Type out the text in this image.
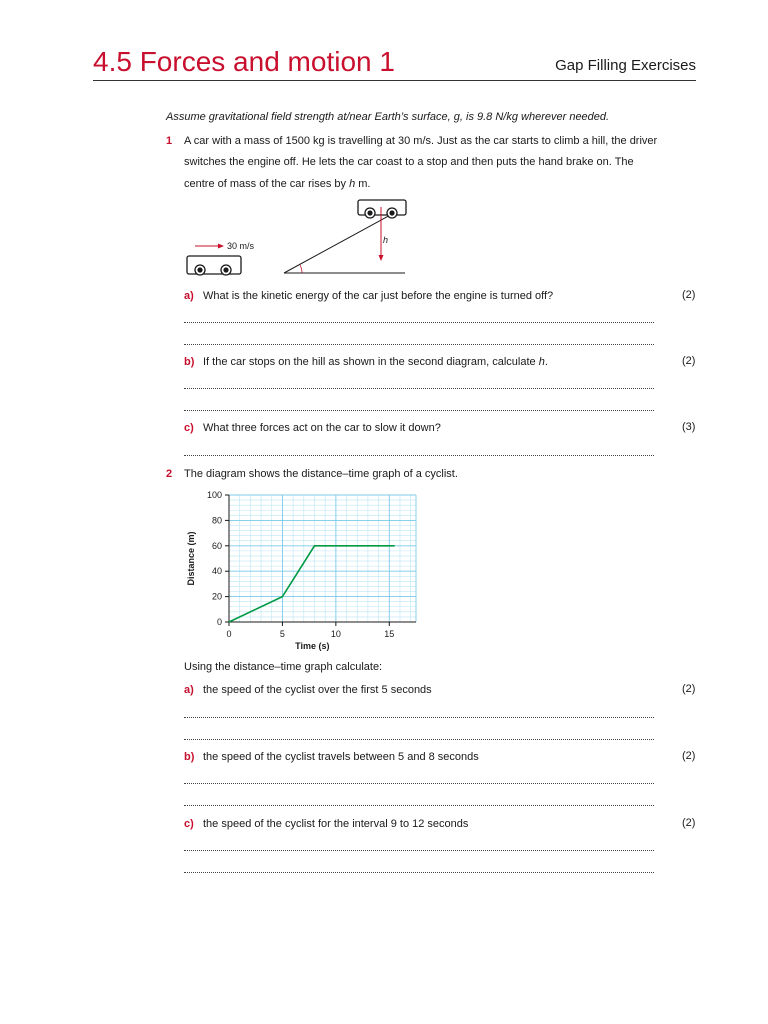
4.5 Forces and motion 1	Gap Filling Exercises
Assume gravitational field strength at/near Earth’s surface, g, is 9.8 N/kg wherever needed.
1 A car with a mass of 1500 kg is travelling at 30 m/s. Just as the car starts to climb a hill, the driver
switches the engine off. He lets the car coast to a stop and then puts the hand brake on. The
centre of mass of the car rises by h m.
30 m/s
h
a) What is the kinetic energy of the car just before the engine is turned off?	(2)
b) If the car stops on the hill as shown in the second diagram, calculate h.	(2)
c) What three forces act on the car to slow it down?	(3)
2 The diagram shows the distance–time graph of a cyclist.
0
20
40
60
80
100
0	5	10	15
Distance (m)
Time (s)
Using the distance–time graph calculate:
a) the speed of the cyclist over the first 5 seconds	(2)
b) the speed of the cyclist travels between 5 and 8 seconds	(2)
c) the speed of the cyclist for the interval 9 to 12 seconds	(2)
